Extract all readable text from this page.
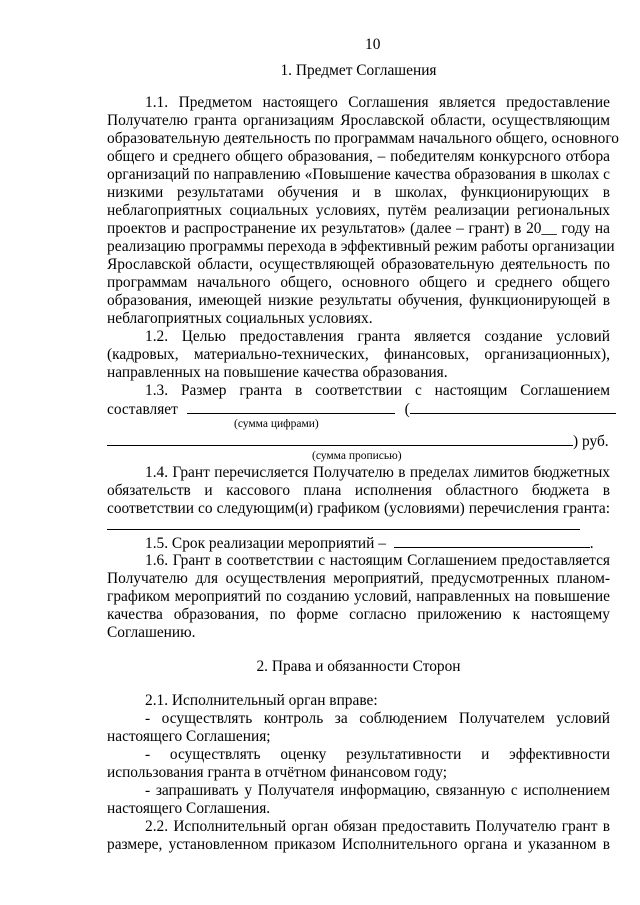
10
1. Предмет Соглашения
1.1. Предметом настоящего Соглашения является предоставление
Получателю гранта организациям Ярославской области, осуществляющим
образовательную деятельность по программам начального общего, основного
общего и среднего общего образования, – победителям конкурсного отбора
организаций по направлению «Повышение качества образования в школах с
низкими результатами обучения и в школах, функционирующих в
неблагоприятных социальных условиях, путём реализации региональных
проектов и распространение их результатов» (далее – грант) в 20__ году на
реализацию программы перехода в эффективный режим работы организации
Ярославской области, осуществляющей образовательную деятельность по
программам начального общего, основного общего и среднего общего
образования, имеющей низкие результаты обучения, функционирующей в
неблагоприятных социальных условиях.
1.2. Целью предоставления гранта является создание условий
(кадровых, материально-технических, финансовых, организационных),
направленных на повышение качества образования.
1.3. Размер гранта в соответствии с настоящим Соглашением
составляет	(
(сумма цифрами)
) руб.
(сумма прописью)
1.4. Грант перечисляется Получателю в пределах лимитов бюджетных
обязательств и кассового плана исполнения областного бюджета в
соответствии со следующим(и) графиком (условиями) перечисления гранта:
1.5. Срок реализации мероприятий –	.
1.6. Грант в соответствии с настоящим Соглашением предоставляется
Получателю для осуществления мероприятий, предусмотренных планом-
графиком мероприятий по созданию условий, направленных на повышение
качества образования, по форме согласно приложению к настоящему
Соглашению.
2. Права и обязанности Сторон
2.1. Исполнительный орган вправе:
- осуществлять контроль за соблюдением Получателем условий
настоящего Соглашения;
- осуществлять оценку результативности и эффективности
использования гранта в отчётном финансовом году;
- запрашивать у Получателя информацию, связанную с исполнением
настоящего Соглашения.
2.2. Исполнительный орган обязан предоставить Получателю грант в
размере, установленном приказом Исполнительного органа и указанном в
